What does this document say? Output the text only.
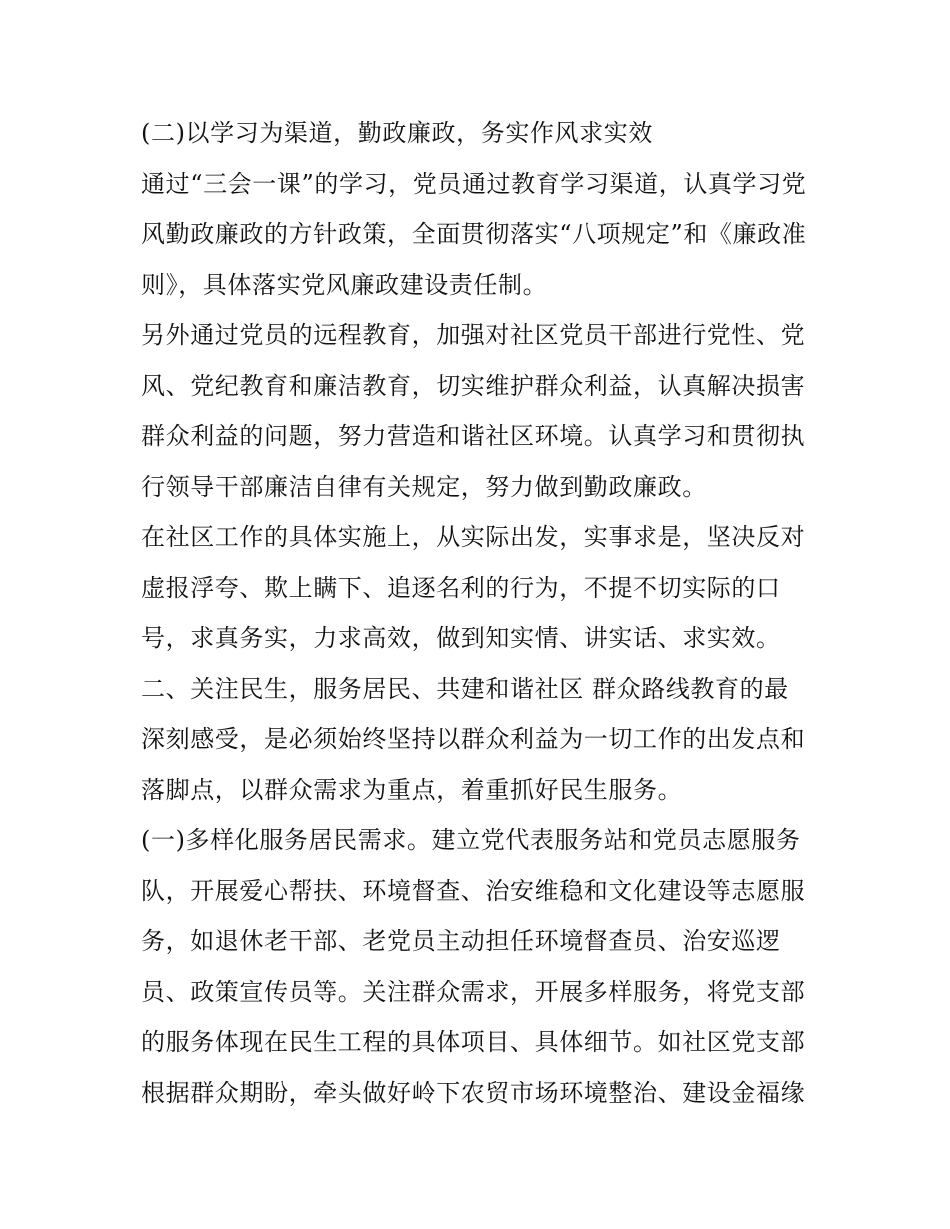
(二)以学习为渠道，勤政廉政，务实作风求实效
通过“三会一课”的学习，党员通过教育学习渠道，认真学习党
风勤政廉政的方针政策，全面贯彻落实“八项规定”和《廉政准
则》，具体落实党风廉政建设责任制。
另外通过党员的远程教育，加强对社区党员干部进行党性、党
风、党纪教育和廉洁教育，切实维护群众利益，认真解决损害
群众利益的问题，努力营造和谐社区环境。认真学习和贯彻执
行领导干部廉洁自律有关规定，努力做到勤政廉政。
在社区工作的具体实施上，从实际出发，实事求是，坚决反对
虚报浮夸、欺上瞒下、追逐名利的行为，不提不切实际的口
号，求真务实，力求高效，做到知实情、讲实话、求实效。
二、关注民生，服务居民、共建和谐社区 群众路线教育的最
深刻感受，是必须始终坚持以群众利益为一切工作的出发点和
落脚点，以群众需求为重点，着重抓好民生服务。
(一)多样化服务居民需求。建立党代表服务站和党员志愿服务
队，开展爱心帮扶、环境督查、治安维稳和文化建设等志愿服
务，如退休老干部、老党员主动担任环境督查员、治安巡逻
员、政策宣传员等。关注群众需求，开展多样服务，将党支部
的服务体现在民生工程的具体项目、具体细节。如社区党支部
根据群众期盼，牵头做好岭下农贸市场环境整治、建设金福缘
